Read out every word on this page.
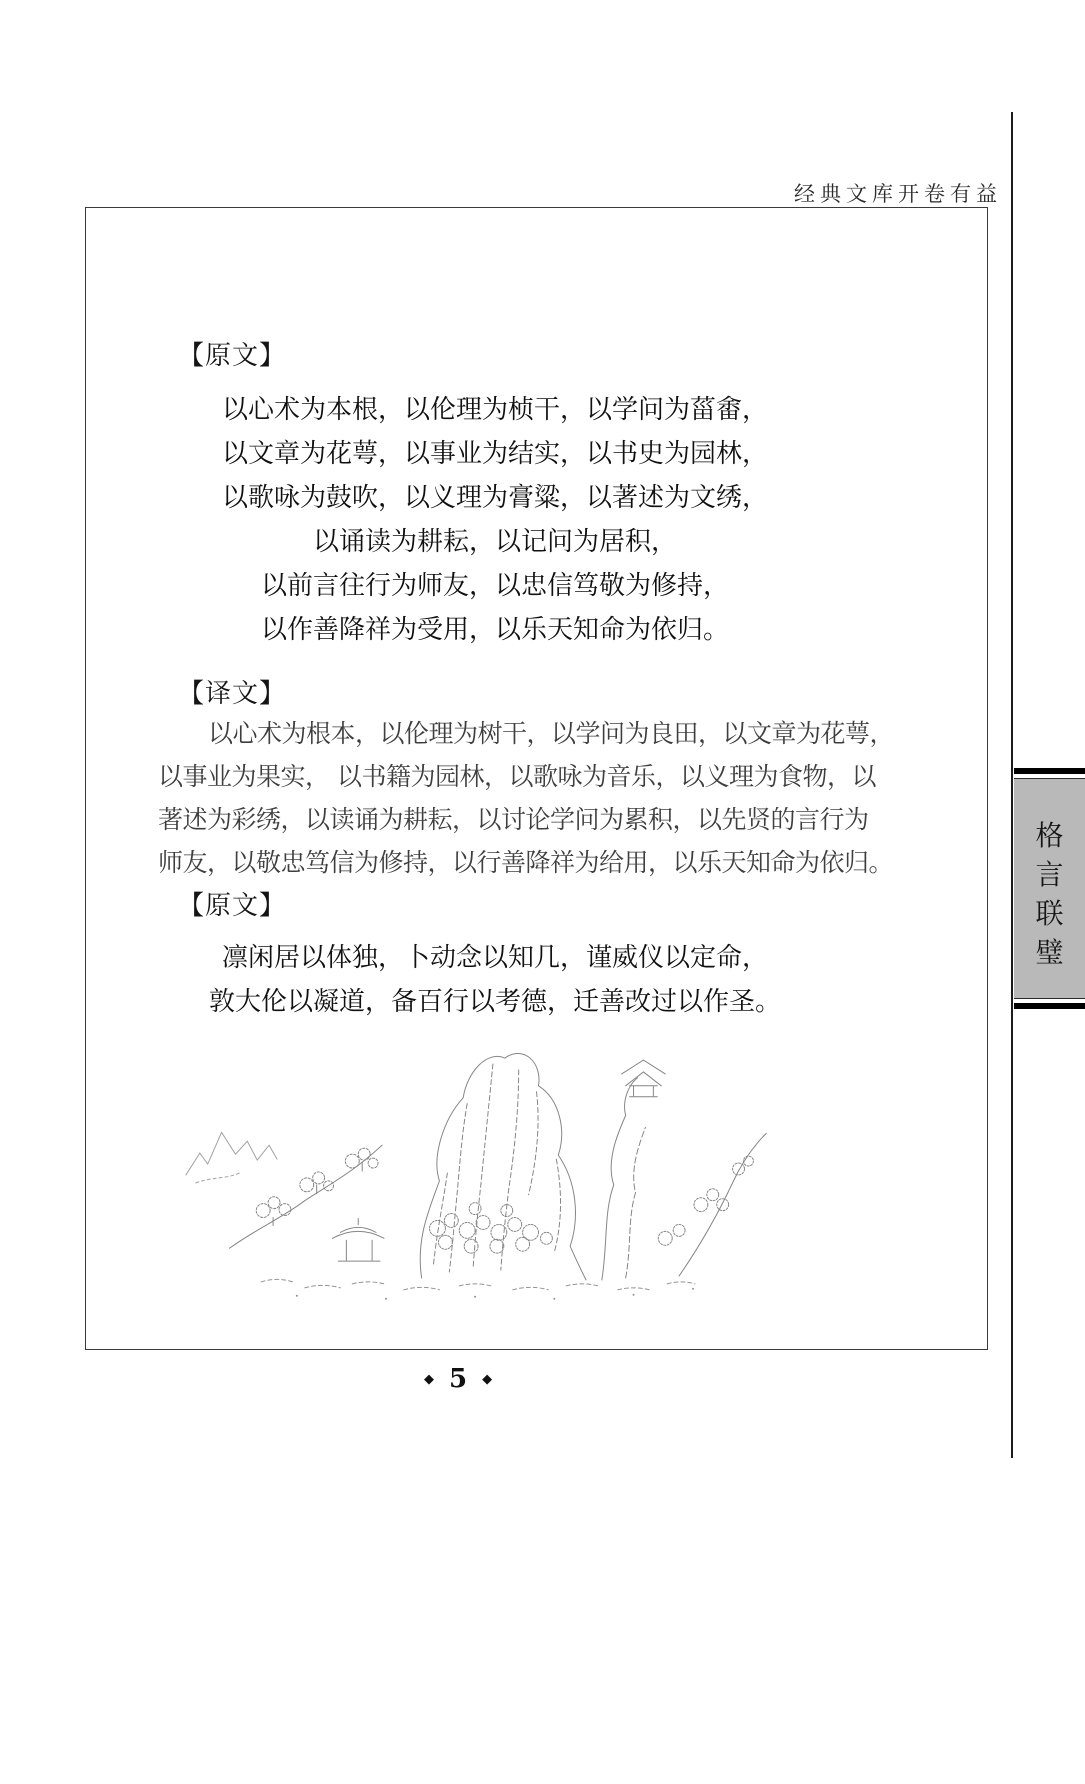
经典文库开卷有益
【原文】
以心术为本根，以伦理为桢干，以学问为菑畬，
以文章为花萼，以事业为结实，以书史为园林，
以歌咏为鼓吹，以义理为膏粱，以著述为文绣，
以诵读为耕耘，以记问为居积，
以前言往行为师友，以忠信笃敬为修持，
以作善降祥为受用，以乐天知命为依归。
【译文】
以心术为根本，以伦理为树干，以学问为良田，以文章为花萼，
以事业为果实， 以书籍为园林，以歌咏为音乐，以义理为食物，以
著述为彩绣，以读诵为耕耘，以讨论学问为累积，以先贤的言行为
师友，以敬忠笃信为修持，以行善降祥为给用，以乐天知命为依归。
【原文】
凛闲居以体独，卜动念以知几，谨威仪以定命，
敦大伦以凝道，备百行以考德，迁善改过以作圣。
◆ 5 ◆
格
言
联
璧
